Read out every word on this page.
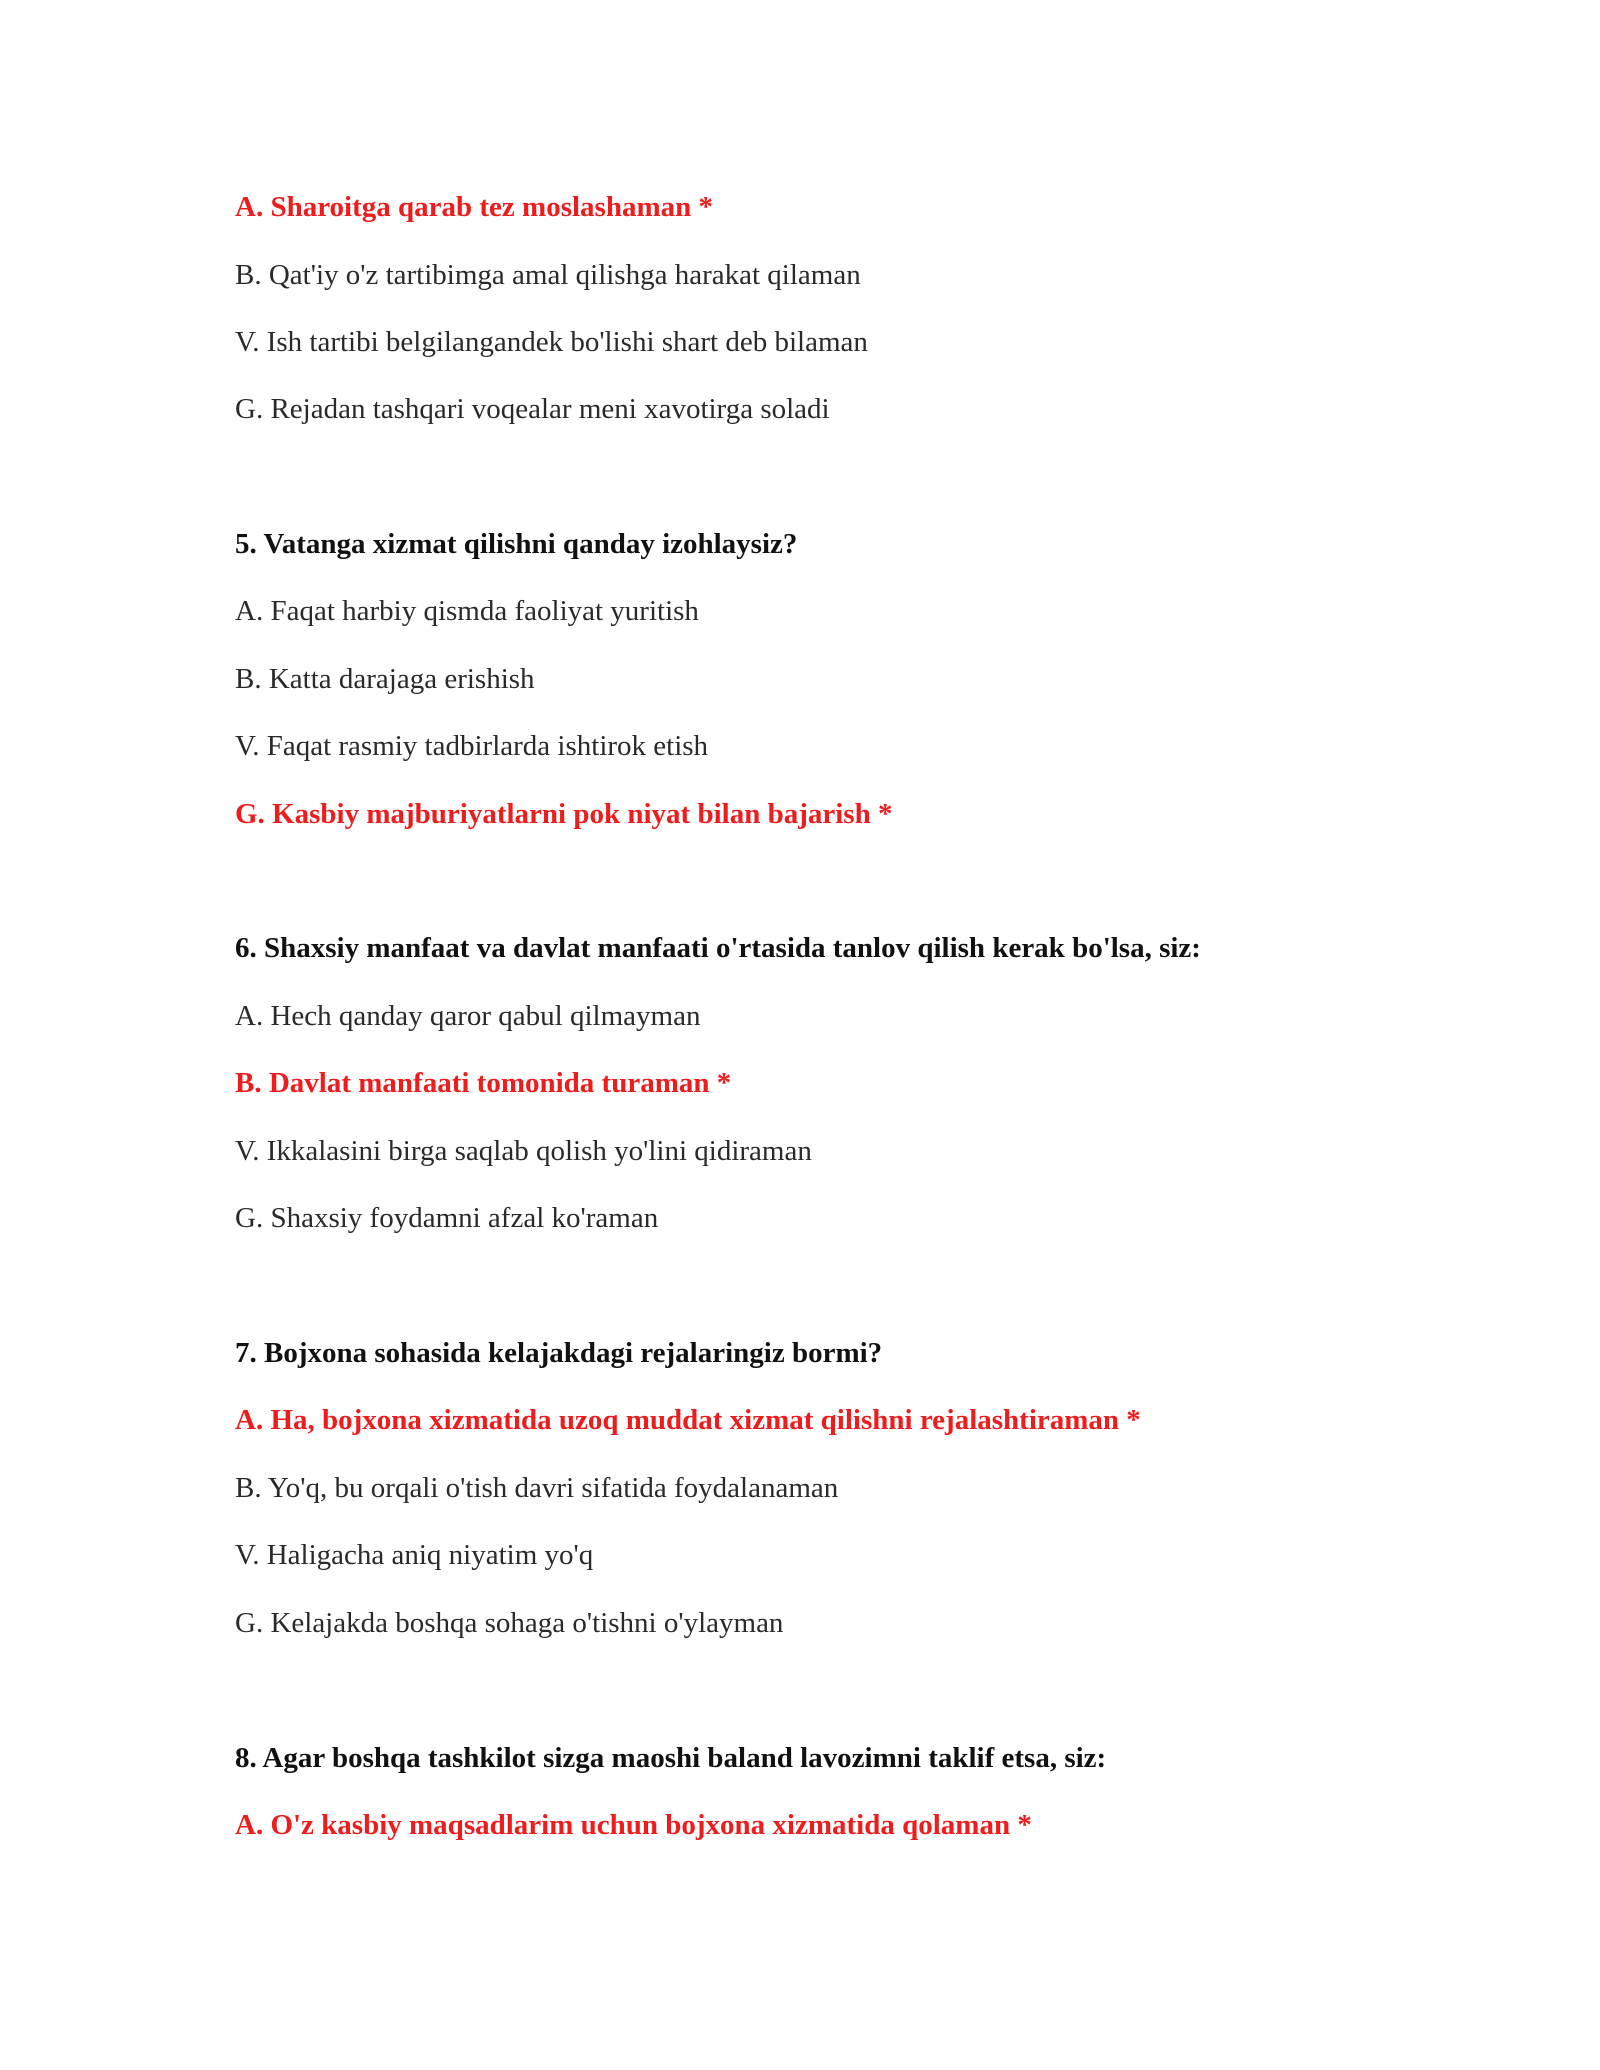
A. Sharoitga qarab tez moslashaman *
B. Qat'iy o'z tartibimga amal qilishga harakat qilaman
V. Ish tartibi belgilangandek bo'lishi shart deb bilaman
G. Rejadan tashqari voqealar meni xavotirga soladi
5. Vatanga xizmat qilishni qanday izohlaysiz?
A. Faqat harbiy qismda faoliyat yuritish
B. Katta darajaga erishish
V. Faqat rasmiy tadbirlarda ishtirok etish
G. Kasbiy majburiyatlarni pok niyat bilan bajarish *
6. Shaxsiy manfaat va davlat manfaati o'rtasida tanlov qilish kerak bo'lsa, siz:
A. Hech qanday qaror qabul qilmayman
B. Davlat manfaati tomonida turaman *
V. Ikkalasini birga saqlab qolish yo'lini qidiraman
G. Shaxsiy foydamni afzal ko'raman
7. Bojxona sohasida kelajakdagi rejalaringiz bormi?
A. Ha, bojxona xizmatida uzoq muddat xizmat qilishni rejalashtiraman *
B. Yo'q, bu orqali o'tish davri sifatida foydalanaman
V. Haligacha aniq niyatim yo'q
G. Kelajakda boshqa sohaga o'tishni o'ylayman
8. Agar boshqa tashkilot sizga maoshi baland lavozimni taklif etsa, siz:
A. O'z kasbiy maqsadlarim uchun bojxona xizmatida qolaman *
